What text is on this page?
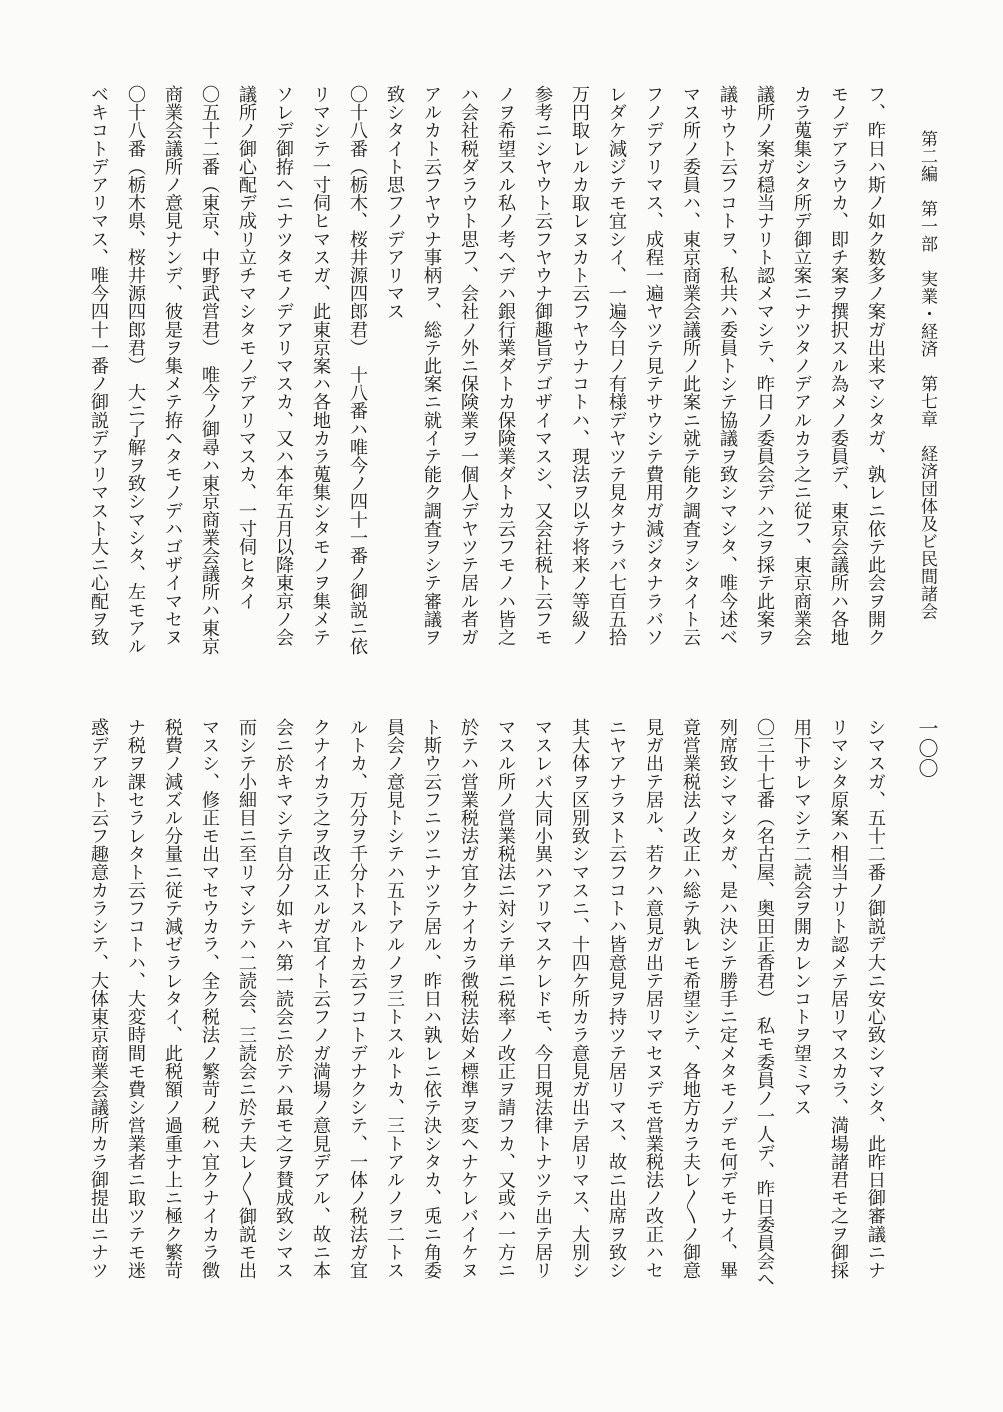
第二編　第一部　実業・経済　第七章　経済団体及ビ民間諸会
一〇〇
フ、昨日ハ斯ノ如ク数多ノ案ガ出来マシタガ、孰レニ依テ此会ヲ開ク
モノデアラウカ、即チ案ヲ撰択スル為メノ委員デ、東京会議所ハ各地
カラ蒐集シタ所デ御立案ニナツタノデアルカラ之ニ従フ、東京商業会
議所ノ案ガ穏当ナリト認メマシテ、昨日ノ委員会デハ之ヲ採テ此案ヲ
議サウト云フコトヲ、私共ハ委員トシテ協議ヲ致シマシタ、唯今述ベ
マス所ノ委員ハ、東京商業会議所ノ此案ニ就テ能ク調査ヲシタイト云
フノデアリマス、成程一遍ヤツテ見テサウシテ費用ガ減ジタナラバソ
レダケ減ジテモ宜シイ、一遍今日ノ有様デヤツテ見タナラバ七百五拾
万円取レルカ取レヌカト云フヤウナコトハ、現法ヲ以テ将来ノ等級ノ
参考ニシヤウト云フヤウナ御趣旨デゴザイマスシ、又会社税ト云フモ
ノヲ希望スル私ノ考ヘデハ銀行業ダトカ保険業ダトカ云フモノハ皆之
ハ会社税ダラウト思フ、会社ノ外ニ保険業ヲ一個人デヤツテ居ル者ガ
アルカト云フヤウナ事柄ヲ、総テ此案ニ就イテ能ク調査ヲシテ審議ヲ
致シタイト思フノデアリマス
〇十八番（栃木、桜井源四郎君）　十八番ハ唯今ノ四十一番ノ御説ニ依
リマシテ一寸伺ヒマスガ、此東京案ハ各地カラ蒐集シタモノヲ集メテ
ソレデ御拵ヘニナツタモノデアリマスカ、又ハ本年五月以降東京ノ会
議所ノ御心配デ成リ立チマシタモノデアリマスカ、一寸伺ヒタイ
〇五十二番（東京、中野武営君）　唯今ノ御尋ハ東京商業会議所ハ東京
商業会議所ノ意見ナンデ、彼是ヲ集メテ拵ヘタモノデハゴザイマセヌ
〇十八番（栃木県、桜井源四郎君）　大ニ了解ヲ致シマシタ、左モアル
ベキコトデアリマス、唯今四十一番ノ御説デアリマスト大ニ心配ヲ致
シマスガ、五十二番ノ御説デ大ニ安心致シマシタ、此昨日御審議ニナ
リマシタ原案ハ相当ナリト認メテ居リマスカラ、満場諸君モ之ヲ御採
用下サレマシテ二読会ヲ開カレンコトヲ望ミマス
〇三十七番（名古屋、奥田正香君）　私モ委員ノ一人デ、昨日委員会ヘ
列席致シマシタガ、是ハ決シテ勝手ニ定メタモノデモ何デモナイ、畢
竟営業税法ノ改正ハ総テ孰レモ希望シテ、各地方カラ夫レ〳〵ノ御意
見ガ出テ居ル、若クハ意見ガ出テ居リマセヌデモ営業税法ノ改正ハセ
ニヤアナラヌト云フコトハ皆意見ヲ持ツテ居リマス、故ニ出席ヲ致シ
其大体ヲ区別致シマスニ、十四ケ所カラ意見ガ出テ居リマス、大別シ
マスレバ大同小異ハアリマスケレドモ、今日現法律トナツテ出テ居リ
マスル所ノ営業税法ニ対シテ単ニ税率ノ改正ヲ請フカ、又或ハ一方ニ
於テハ営業税法ガ宜クナイカラ徴税法始メ標準ヲ変ヘナケレバイケヌ
ト斯ウ云フニツニナツテ居ル、昨日ハ孰レニ依テ決シタカ、兎ニ角委
員会ノ意見トシテハ五トアルノヲ三トスルトカ、三トアルノヲ二トス
ルトカ、万分ヲ千分トスルトカ云フコトデナクシテ、一体ノ税法ガ宜
クナイカラ之ヲ改正スルガ宜イト云フノガ満場ノ意見デアル、故ニ本
会ニ於キマシテ自分ノ如キハ第一読会ニ於テハ最モ之ヲ賛成致シマス
而シテ小細目ニ至リマシテハ二読会、三読会ニ於テ夫レ〳〵御説モ出
マスシ、修正モ出マセウカラ、全ク税法ノ繁苛ノ税ハ宜クナイカラ徴
税費ノ減ズル分量ニ従テ減ゼラレタイ、此税額ノ過重ナ上ニ極ク繁苛
ナ税ヲ課セラレタト云フコトハ、大変時間モ費シ営業者ニ取ツテモ迷
惑デアルト云フ趣意カラシテ、大体東京商業会議所カラ御提出ニナツ
